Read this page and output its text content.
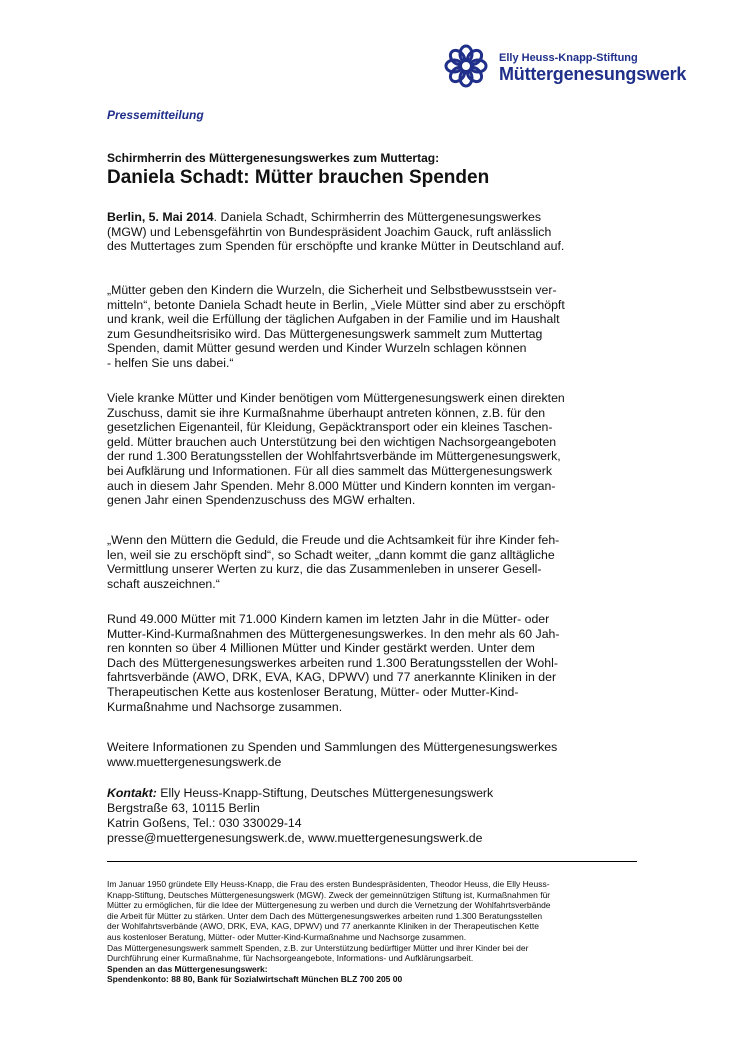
Elly Heuss-Knapp-Stiftung
Müttergenesungswerk
Pressemitteilung
Schirmherrin des Müttergenesungswerkes zum Muttertag:
Daniela Schadt: Mütter brauchen Spenden
Berlin, 5. Mai 2014. Daniela Schadt, Schirmherrin des Müttergenesungswerkes
(MGW) und Lebensgefährtin von Bundespräsident Joachim Gauck, ruft anlässlich
des Muttertages zum Spenden für erschöpfte und kranke Mütter in Deutschland auf.
„Mütter geben den Kindern die Wurzeln, die Sicherheit und Selbstbewusstsein ver-
mitteln“, betonte Daniela Schadt heute in Berlin, „Viele Mütter sind aber zu erschöpft
und krank, weil die Erfüllung der täglichen Aufgaben in der Familie und im Haushalt
zum Gesundheitsrisiko wird. Das Müttergenesungswerk sammelt zum Muttertag
Spenden, damit Mütter gesund werden und Kinder Wurzeln schlagen können
- helfen Sie uns dabei.“
Viele kranke Mütter und Kinder benötigen vom Müttergenesungswerk einen direkten
Zuschuss, damit sie ihre Kurmaßnahme überhaupt antreten können, z.B. für den
gesetzlichen Eigenanteil, für Kleidung, Gepäcktransport oder ein kleines Taschen-
geld. Mütter brauchen auch Unterstützung bei den wichtigen Nachsorgeangeboten
der rund 1.300 Beratungsstellen der Wohlfahrtsverbände im Müttergenesungswerk,
bei Aufklärung und Informationen. Für all dies sammelt das Müttergenesungswerk
auch in diesem Jahr Spenden. Mehr 8.000 Mütter und Kindern konnten im vergan-
genen Jahr einen Spendenzuschuss des MGW erhalten.
„Wenn den Müttern die Geduld, die Freude und die Achtsamkeit für ihre Kinder feh-
len, weil sie zu erschöpft sind“, so Schadt weiter, „dann kommt die ganz alltägliche
Vermittlung unserer Werten zu kurz, die das Zusammenleben in unserer Gesell-
schaft auszeichnen.“
Rund 49.000 Mütter mit 71.000 Kindern kamen im letzten Jahr in die Mütter- oder
Mutter-Kind-Kurmaßnahmen des Müttergenesungswerkes. In den mehr als 60 Jah-
ren konnten so über 4 Millionen Mütter und Kinder gestärkt werden. Unter dem
Dach des Müttergenesungswerkes arbeiten rund 1.300 Beratungsstellen der Wohl-
fahrtsverbände (AWO, DRK, EVA, KAG, DPWV) und 77 anerkannte Kliniken in der
Therapeutischen Kette aus kostenloser Beratung, Mütter- oder Mutter-Kind-
Kurmaßnahme und Nachsorge zusammen.
Weitere Informationen zu Spenden und Sammlungen des Müttergenesungswerkes
www.muettergenesungswerk.de
Kontakt: Elly Heuss-Knapp-Stiftung, Deutsches Müttergenesungswerk
Bergstraße 63, 10115 Berlin
Katrin Goßens, Tel.: 030 330029-14
presse@muettergenesungswerk.de, www.muettergenesungswerk.de
Im Januar 1950 gründete Elly Heuss-Knapp, die Frau des ersten Bundespräsidenten, Theodor Heuss, die Elly Heuss-
Knapp-Stiftung, Deutsches Müttergenesungswerk (MGW). Zweck der gemeinnützigen Stiftung ist, Kurmaßnahmen für
Mütter zu ermöglichen, für die Idee der Müttergenesung zu werben und durch die Vernetzung der Wohlfahrtsverbände
die Arbeit für Mütter zu stärken. Unter dem Dach des Müttergenesungswerkes arbeiten rund 1.300 Beratungsstellen
der Wohlfahrtsverbände (AWO, DRK, EVA, KAG, DPWV) und 77 anerkannte Kliniken in der Therapeutischen Kette
aus kostenloser Beratung, Mütter- oder Mutter-Kind-Kurmaßnahme und Nachsorge zusammen.
Das Müttergenesungswerk sammelt Spenden, z.B. zur Unterstützung bedürftiger Mütter und ihrer Kinder bei der
Durchführung einer Kurmaßnahme, für Nachsorgeangebote, Informations- und Aufklärungsarbeit.
Spenden an das Müttergenesungswerk:
Spendenkonto: 88 80, Bank für Sozialwirtschaft München BLZ 700 205 00
